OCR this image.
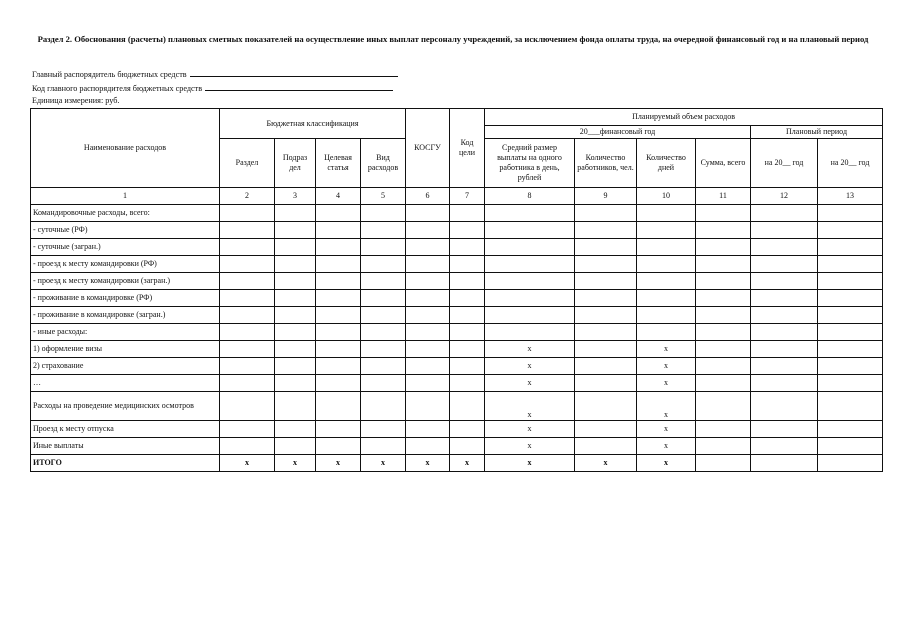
Раздел 2. Обоснования (расчеты) плановых сметных показателей на осуществление иных выплат персоналу учреждений, за исключением фонда оплаты труда, на очередной финансовый год и на плановый период
Главный распорядитель бюджетных средств
Код главного распорядителя бюджетных средств
Единица измерения: руб.
Наименование расходов	Бюджетная классификация				КОСГУ	Код цели	Планируемый объем расходов					
							20___финансовый год				Плановый период	
	Раздел	Подраз дел	Целевая статья	Вид расходов			Средний размер выплаты на одного работника в день, рублей	Количество работников, чел.	Количество дней	Сумма, всего	на 20__ год	на 20__ год
1	2	3	4	5	6	7	8	9	10	11	12	13
Командировочные расходы, всего:												
- суточные (РФ)												
- суточные (загран.)												
- проезд к месту командировки (РФ)												
- проезд к месту командировки (загран.)												
- проживание в командировке (РФ)												
- проживание в командировке (загран.)												
- иные расходы:												
1) оформление визы							x		x			
2) страхование							x		x			
…							x		x			
Расходы на проведение медицинских осмотров							x		x			
Проезд к месту отпуска							x		x			
Иные выплаты							x		x			
ИТОГО	x	x	x	x	x	x	x	x	x			
